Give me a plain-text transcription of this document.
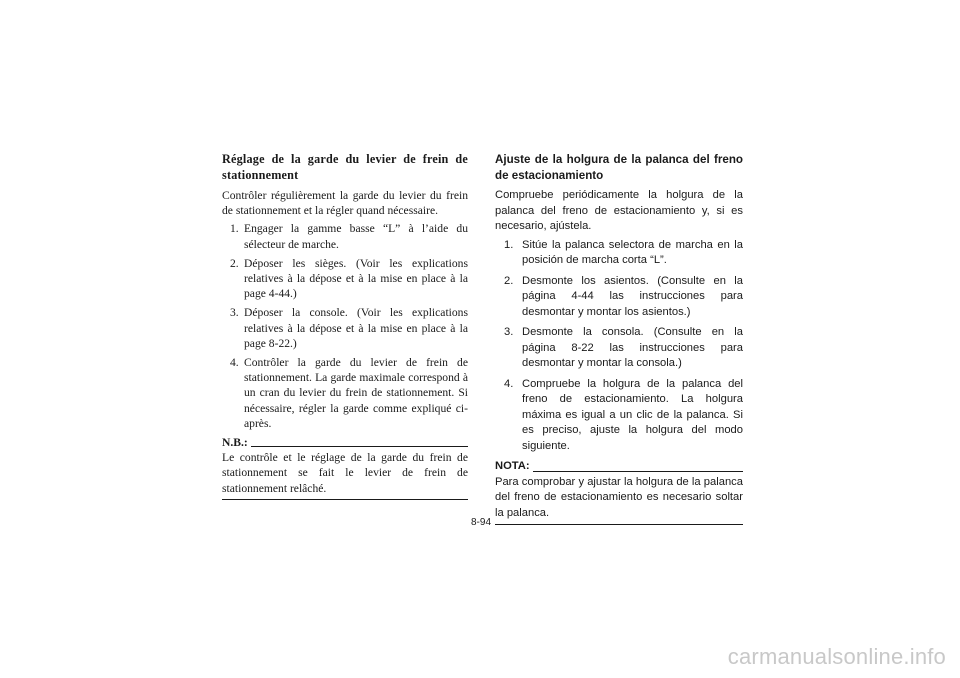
Réglage de la garde du levier de frein de stationnement

Contrôler régulièrement la garde du levier du frein de stationnement et la régler quand nécessaire.

1. Engager la gamme basse “L” à l’aide du sélecteur de marche.
2. Déposer les sièges. (Voir les explications relatives à la dépose et à la mise en place à la page 4-44.)
3. Déposer la console. (Voir les explications relatives à la dépose et à la mise en place à la page 8-22.)
4. Contrôler la garde du levier de frein de stationnement. La garde maximale correspond à un cran du levier du frein de stationnement. Si nécessaire, régler la garde comme expliqué ci-après.
N.B.:

Le contrôle et le réglage de la garde du frein de stationnement se fait le levier de frein de stationnement relâché.

Ajuste de la holgura de la palanca del freno de estacionamiento

Compruebe periódicamente la holgura de la palanca del freno de estacionamiento y, si es necesario, ajústela.

1. Sitúe la palanca selectora de marcha en la posición de marcha corta “L”.
2. Desmonte los asientos. (Consulte en la página 4-44 las instrucciones para desmontar y montar los asientos.)
3. Desmonte la consola. (Consulte en la página 8-22 las instrucciones para desmontar y montar la consola.)
4. Compruebe la holgura de la palanca del freno de estacionamiento. La holgura máxima es igual a un clic de la palanca. Si es preciso, ajuste la holgura del modo siguiente.
NOTA:

Para comprobar y ajustar la holgura de la palanca del freno de estacionamiento es necesario soltar la palanca.

8-94
carmanualsonline.info
